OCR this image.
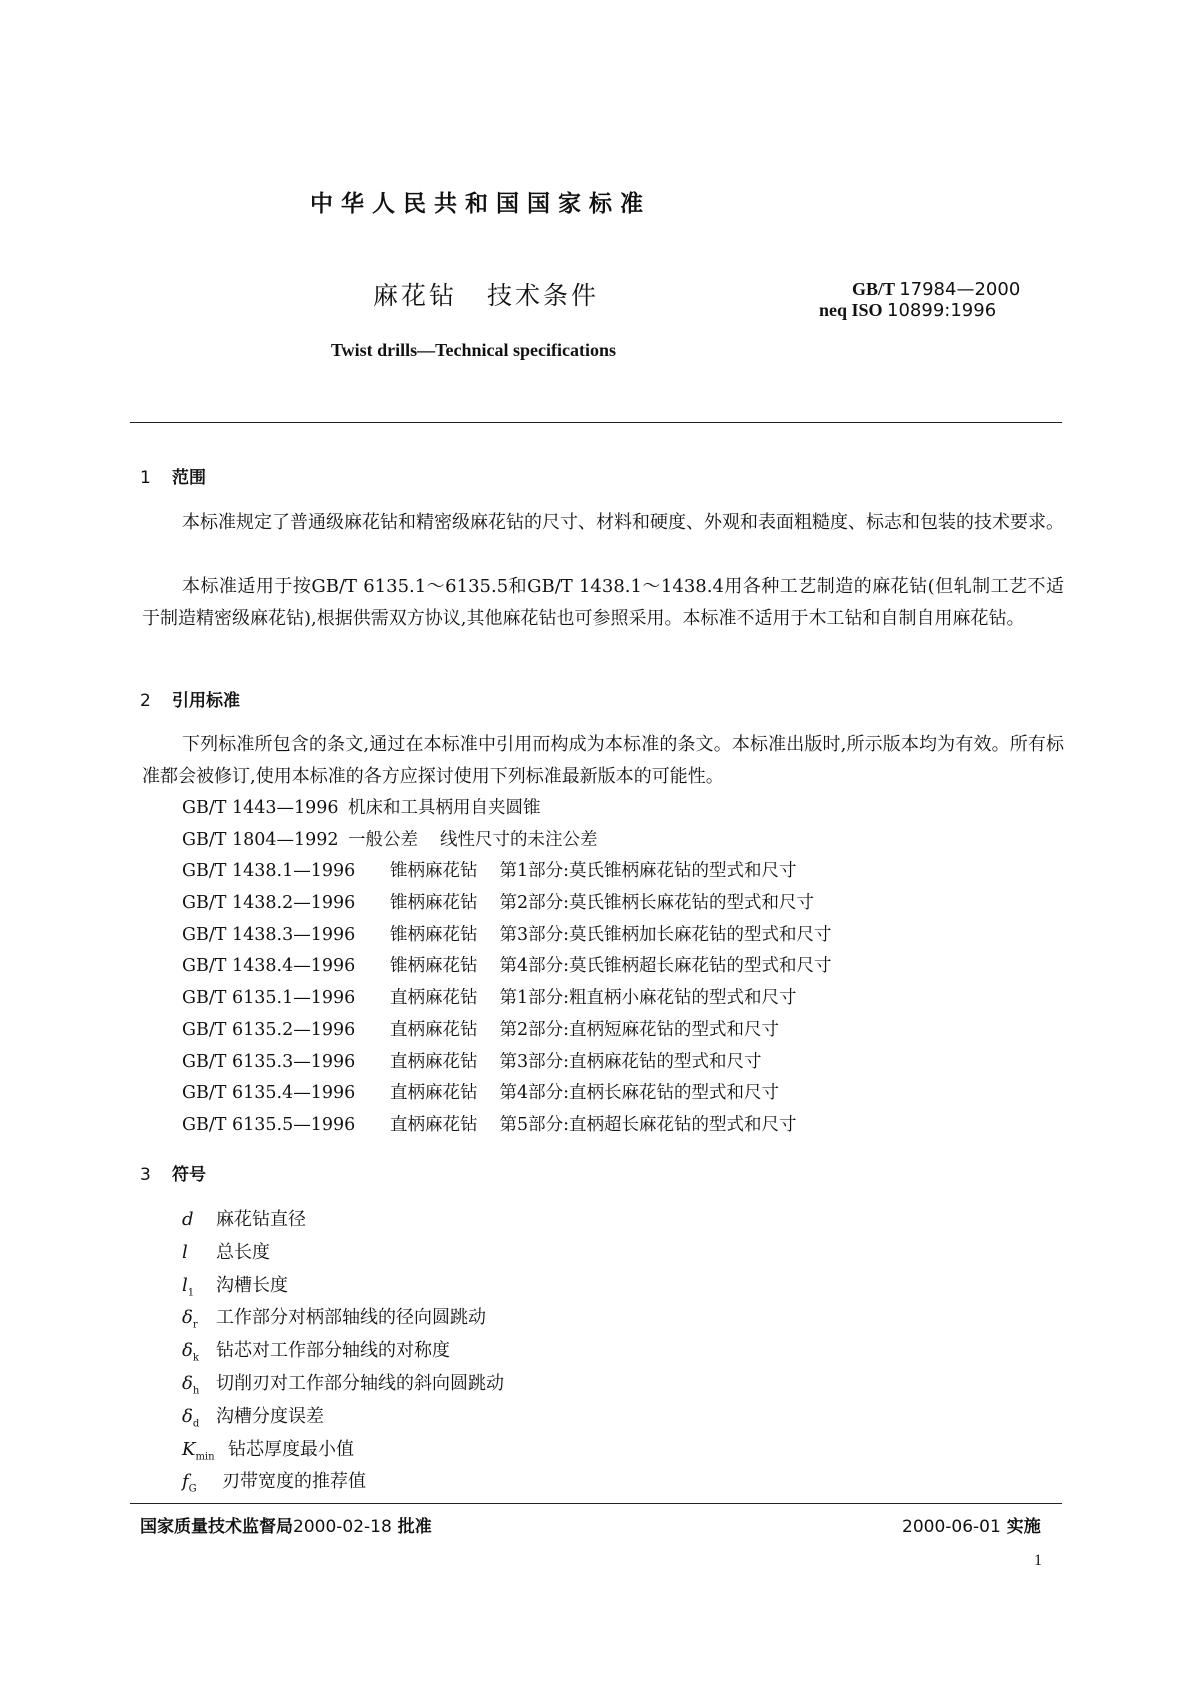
中华人民共和国国家标准
麻花钻 技术条件	GB/T 17984—2000
neq ISO 10899:1996
Twist drills—Technical specifications
1 范围
本标准规定了普通级麻花钻和精密级麻花钻的尺寸、材料和硬度、外观和表面粗糙度、标志和包装的技术要求。
本标准适用于按GB/T 6135.1～6135.5和GB/T 1438.1～1438.4用各种工艺制造的麻花钻(但轧制工艺不适于制造精密级麻花钻),根据供需双方协议,其他麻花钻也可参照采用。本标准不适用于木工钻和自制自用麻花钻。
2 引用标准
下列标准所包含的条文,通过在本标准中引用而构成为本标准的条文。本标准出版时,所示版本均为有效。所有标准都会被修订,使用本标准的各方应探讨使用下列标准最新版本的可能性。
GB/T 1443—1996 机床和工具柄用自夹圆锥
GB/T 1804—1992 一般公差 线性尺寸的未注公差
GB/T 1438.1—1996 锥柄麻花钻 第1部分:莫氏锥柄麻花钻的型式和尺寸
GB/T 1438.2—1996 锥柄麻花钻 第2部分:莫氏锥柄长麻花钻的型式和尺寸
GB/T 1438.3—1996 锥柄麻花钻 第3部分:莫氏锥柄加长麻花钻的型式和尺寸
GB/T 1438.4—1996 锥柄麻花钻 第4部分:莫氏锥柄超长麻花钻的型式和尺寸
GB/T 6135.1—1996 直柄麻花钻 第1部分:粗直柄小麻花钻的型式和尺寸
GB/T 6135.2—1996 直柄麻花钻 第2部分:直柄短麻花钻的型式和尺寸
GB/T 6135.3—1996 直柄麻花钻 第3部分:直柄麻花钻的型式和尺寸
GB/T 6135.4—1996 直柄麻花钻 第4部分:直柄长麻花钻的型式和尺寸
GB/T 6135.5—1996 直柄麻花钻 第5部分:直柄超长麻花钻的型式和尺寸
3 符号
d 麻花钻直径
l 总长度
$l_1$ 沟槽长度
$\delta_r$ 工作部分对柄部轴线的径向圆跳动
$\delta_k$ 钻芯对工作部分轴线的对称度
$\delta_h$ 切削刃对工作部分轴线的斜向圆跳动
$\delta_d$ 沟槽分度误差
$K_{min}$ 钻芯厚度最小值
$f_G$ 刃带宽度的推荐值
国家质量技术监督局2000-02-18 批准	2000-06-01 实施
1
